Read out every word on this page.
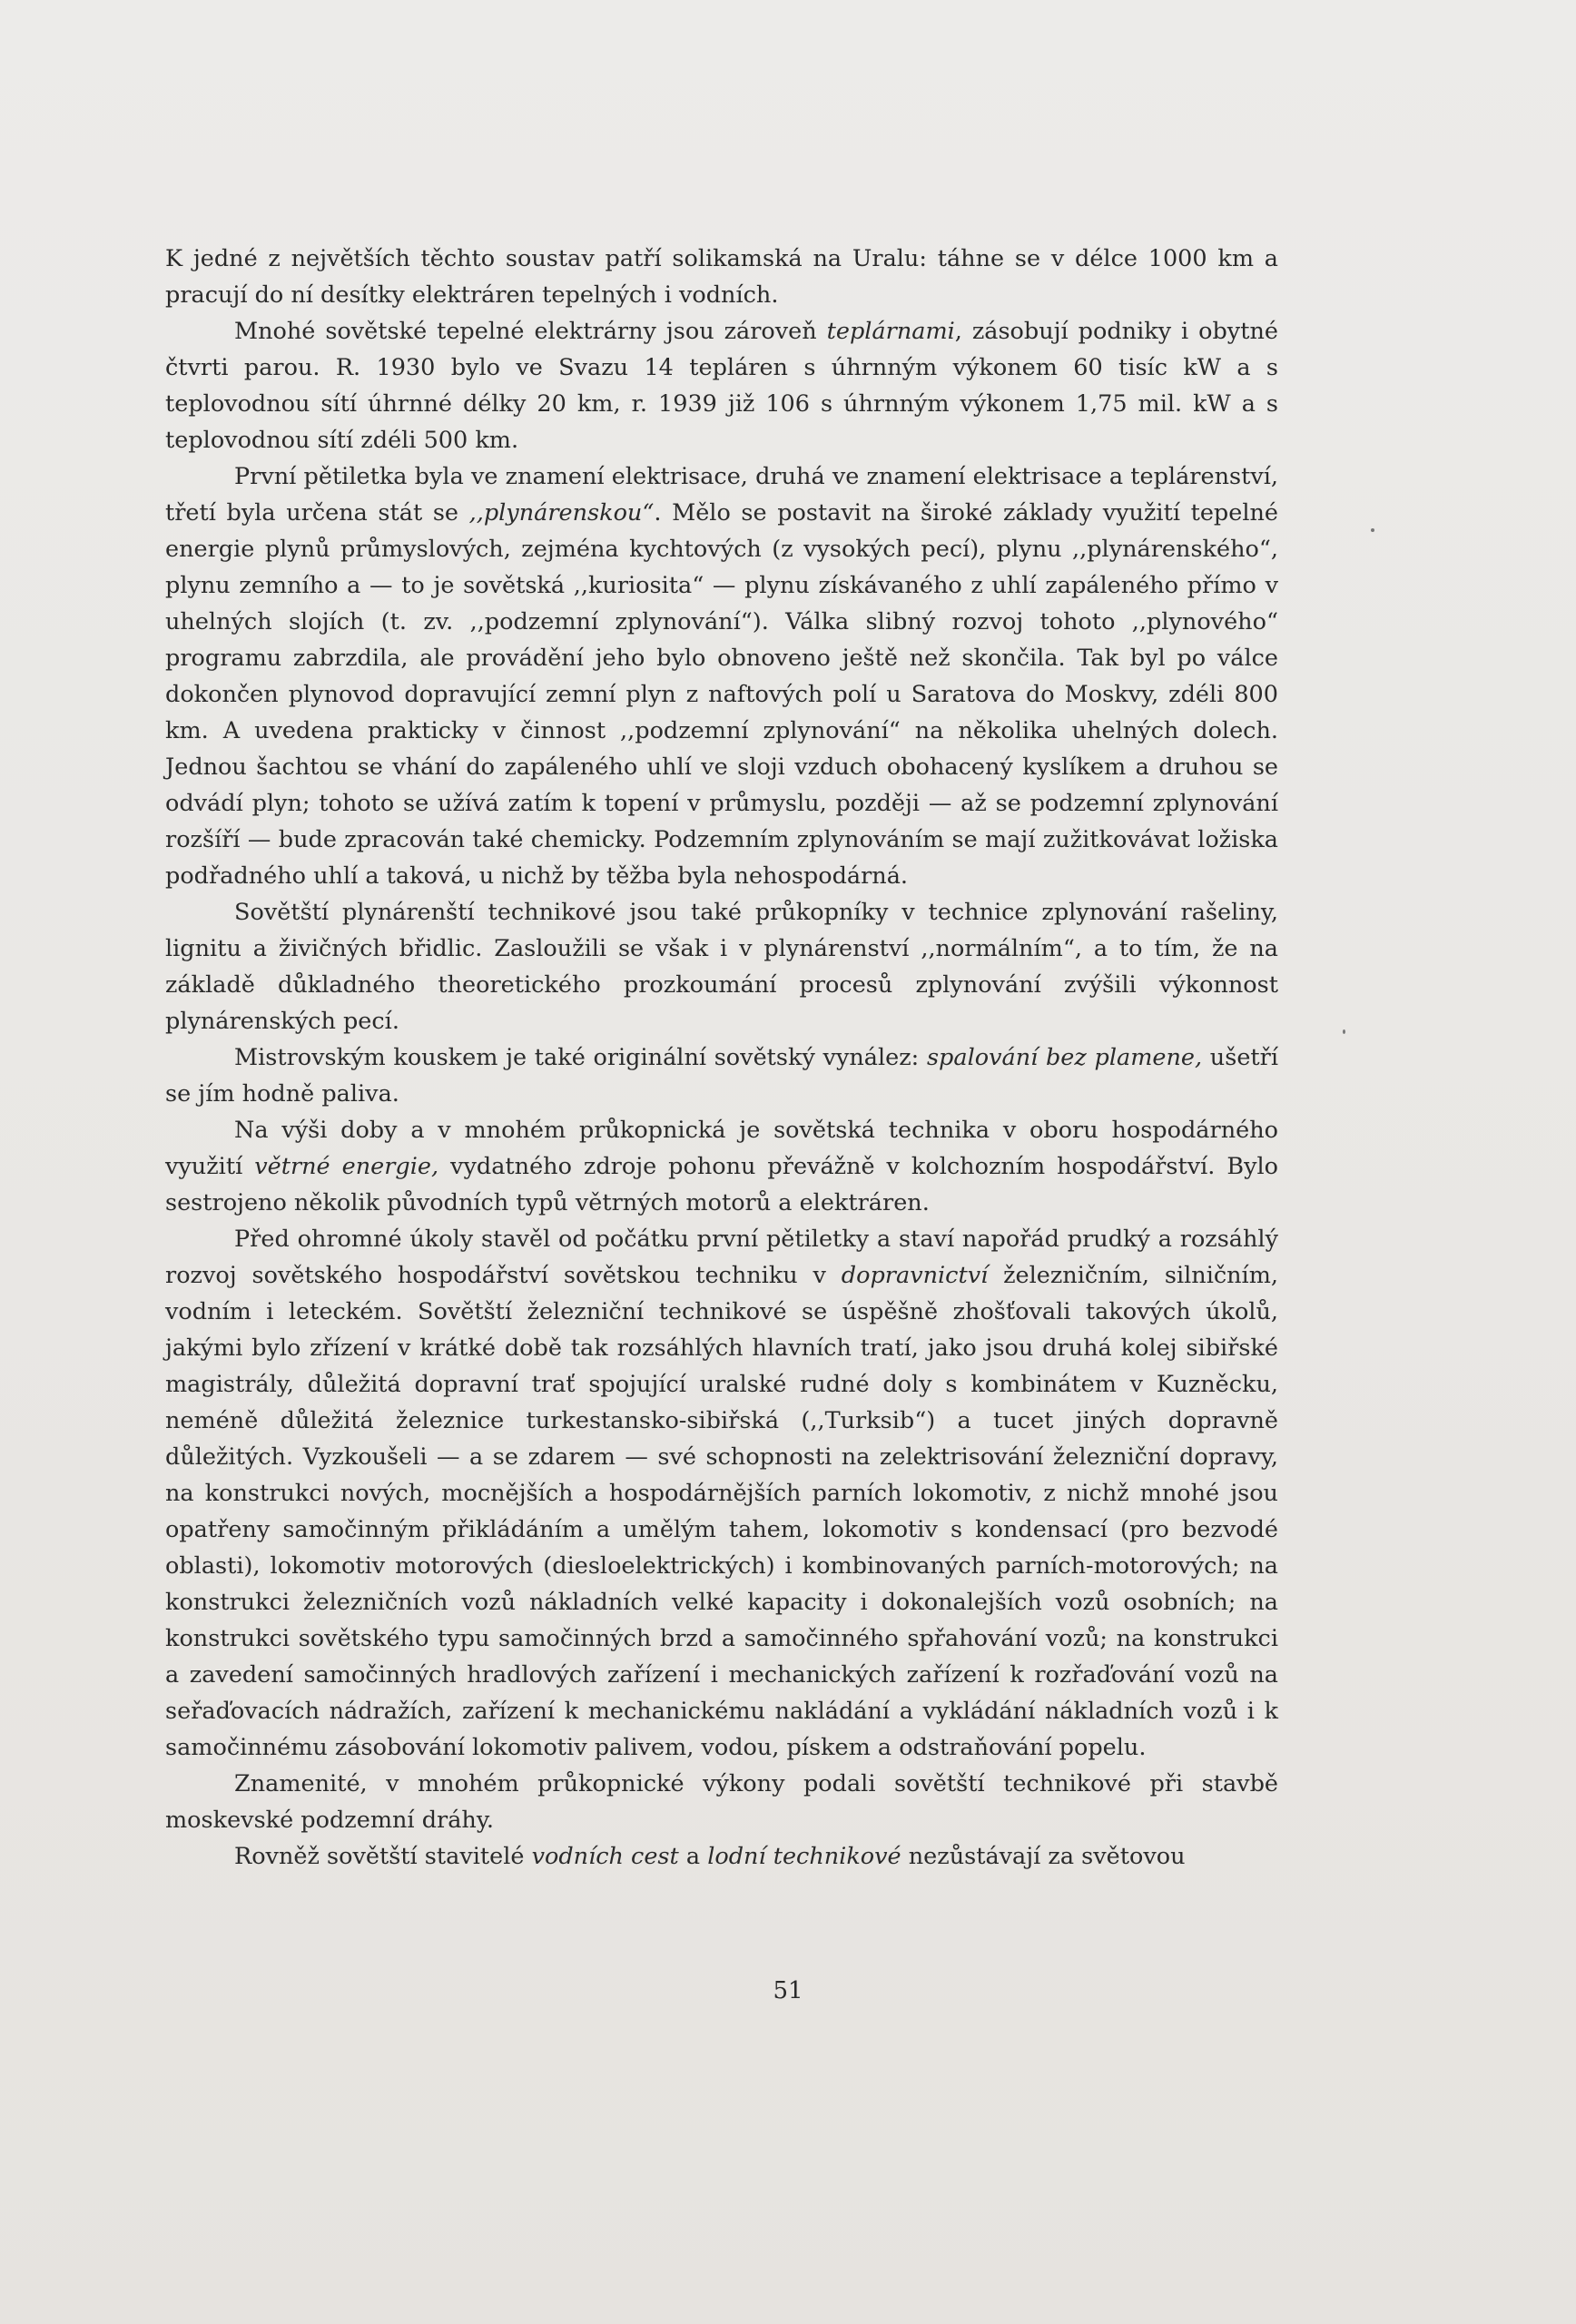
K jedné z největších těchto soustav patří solikamská na Uralu: táhne se v délce 1000 km a pracují do ní desítky elektráren tepelných i vodních.

Mnohé sovětské tepelné elektrárny jsou zároveň teplárnami, zásobují podniky i obytné čtvrti parou. R. 1930 bylo ve Svazu 14 tepláren s úhrnným výkonem 60 tisíc kW a s teplovodnou sítí úhrnné délky 20 km, r. 1939 již 106 s úhrnným výkonem 1,75 mil. kW a s teplovodnou sítí zdéli 500 km.

První pětiletka byla ve znamení elektrisace, druhá ve znamení elektrisace a teplárenství, třetí byla určena stát se ,,plynárenskou“. Mělo se postavit na široké základy využití tepelné energie plynů průmyslových, zejména kychtových (z vysokých pecí), plynu ,,plynárenského“, plynu zemního a — to je sovětská ,,kuriosita“ — plynu získávaného z uhlí zapáleného přímo v uhelných slojích (t. zv. ,,podzemní zplynování“). Válka slibný rozvoj tohoto ,,plynového“ programu zabrzdila, ale provádění jeho bylo obnoveno ještě než skončila. Tak byl po válce dokončen plynovod dopravující zemní plyn z naftových polí u Saratova do Moskvy, zdéli 800 km. A uvedena prakticky v činnost ,,podzemní zplynování“ na několika uhelných dolech. Jednou šachtou se vhání do zapáleného uhlí ve sloji vzduch obohacený kyslíkem a druhou se odvádí plyn; tohoto se užívá zatím k topení v průmyslu, později — až se podzemní zplynování rozšíří — bude zpracován také chemicky. Podzemním zplynováním se mají zužitkovávat ložiska podřadného uhlí a taková, u nichž by těžba byla nehospodárná.

Sovětští plynárenští technikové jsou také průkopníky v technice zplynování rašeliny, lignitu a živičných břidlic. Zasloužili se však i v plynárenství ,,normálním“, a to tím, že na základě důkladného theoretického prozkoumání procesů zplynování zvýšili výkonnost plynárenských pecí.

Mistrovským kouskem je také originální sovětský vynález: spalování bez plamene, ušetří se jím hodně paliva.

Na výši doby a v mnohém průkopnická je sovětská technika v oboru hospodárného využití větrné energie, vydatného zdroje pohonu převážně v kolchozním hospodářství. Bylo sestrojeno několik původních typů větrných motorů a elektráren.

Před ohromné úkoly stavěl od počátku první pětiletky a staví napořád prudký a rozsáhlý rozvoj sovětského hospodářství sovětskou techniku v dopravnictví železničním, silničním, vodním i leteckém. Sovětští železniční technikové se úspěšně zhošťovali takových úkolů, jakými bylo zřízení v krátké době tak rozsáhlých hlavních tratí, jako jsou druhá kolej sibiřské magistrály, důležitá dopravní trať spojující uralské rudné doly s kombinátem v Kuzněcku, neméně důležitá železnice turkestansko-sibiřská (,,Turksib“) a tucet jiných dopravně důležitých. Vyzkoušeli — a se zdarem — své schopnosti na zelektrisování železniční dopravy, na konstrukci nových, mocnějších a hospodárnějších parních lokomotiv, z nichž mnohé jsou opatřeny samočinným přikládáním a umělým tahem, lokomotiv s kondensací (pro bezvodé oblasti), lokomotiv motorových (diesloelektrických) i kombinovaných parních-motorových; na konstrukci železničních vozů nákladních velké kapacity i dokonalejších vozů osobních; na konstrukci sovětského typu samočinných brzd a samočinného spřahování vozů; na konstrukci a zavedení samočinných hradlových zařízení i mechanických zařízení k rozřaďování vozů na seřaďovacích nádražích, zařízení k mechanickému nakládání a vykládání nákladních vozů i k samočinnému zásobování lokomotiv palivem, vodou, pískem a odstraňování popelu.

Znamenité, v mnohém průkopnické výkony podali sovětští technikové při stavbě moskevské podzemní dráhy.

Rovněž sovětští stavitelé vodních cest a lodní technikové nezůstávají za světovou

51
